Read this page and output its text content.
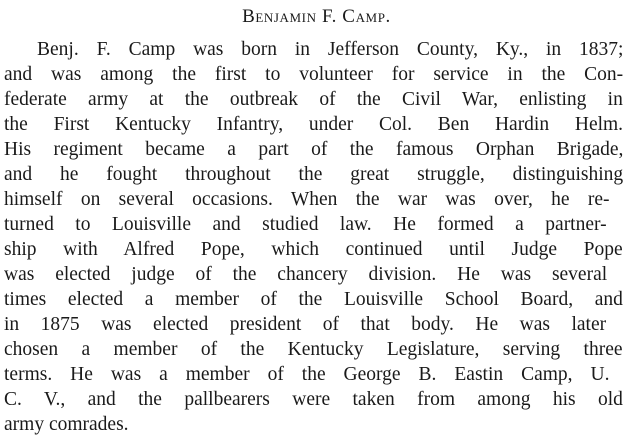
Benjamin F. Camp.
Benj. F. Camp was born in Jefferson County, Ky., in 1837;
and was among the first to volunteer for service in the Con-
federate army at the outbreak of the Civil War, enlisting in
the First Kentucky Infantry, under Col. Ben Hardin Helm.
His regiment became a part of the famous Orphan Brigade,
and he fought throughout the great struggle, distinguishing
himself on several occasions. When the war was over, he re-
turned to Louisville and studied law. He formed a partner-
ship with Alfred Pope, which continued until Judge Pope
was elected judge of the chancery division. He was several
times elected a member of the Louisville School Board, and
in 1875 was elected president of that body. He was later
chosen a member of the Kentucky Legislature, serving three
terms. He was a member of the George B. Eastin Camp, U.
C. V., and the pallbearers were taken from among his old
army comrades.
